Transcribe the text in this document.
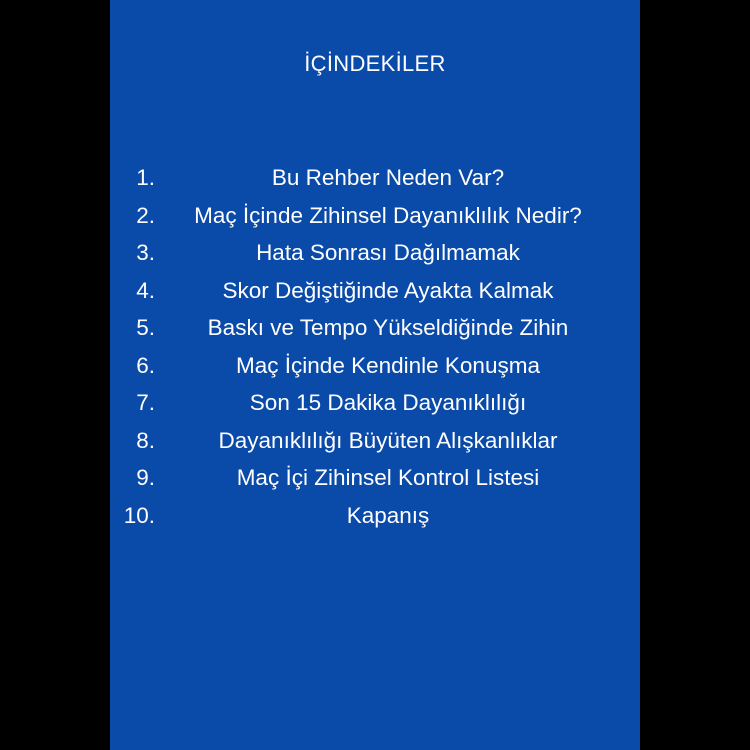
İÇİNDEKİLER
1.	Bu Rehber Neden Var?
2.	Maç İçinde Zihinsel Dayanıklılık Nedir?
3.	Hata Sonrası Dağılmamak
4.	Skor Değiştiğinde Ayakta Kalmak
5.	Baskı ve Tempo Yükseldiğinde Zihin
6.	Maç İçinde Kendinle Konuşma
7.	Son 15 Dakika Dayanıklılığı
8.	Dayanıklılığı Büyüten Alışkanlıklar
9.	Maç İçi Zihinsel Kontrol Listesi
10.	Kapanış
